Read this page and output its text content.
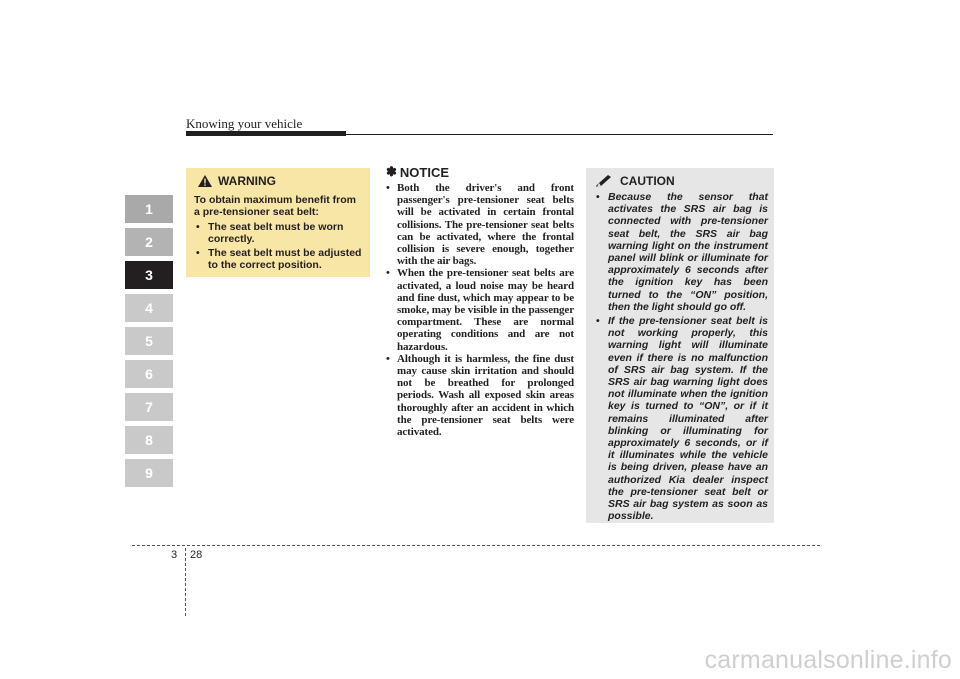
Knowing your vehicle
1
2
3
4
5
6
7
8
9
WARNING
To obtain maximum benefit from a pre-tensioner seat belt:
• The seat belt must be worn correctly.
• The seat belt must be adjusted to the correct position.
✽ NOTICE
• Both the driver's and front passenger's pre-tensioner seat belts will be activated in certain frontal collisions. The pre-tensioner seat belts can be activated, where the frontal collision is severe enough, together with the air bags.
• When the pre-tensioner seat belts are activated, a loud noise may be heard and fine dust, which may appear to be smoke, may be visible in the passenger compartment. These are normal operating conditions and are not hazardous.
• Although it is harmless, the fine dust may cause skin irritation and should not be breathed for prolonged periods. Wash all exposed skin areas thoroughly after an accident in which the pre-tensioner seat belts were activated.
CAUTION
• Because the sensor that activates the SRS air bag is connected with pre-tensioner seat belt, the SRS air bag warning light on the instrument panel will blink or illuminate for approximately 6 seconds after the ignition key has been turned to the “ON” position, then the light should go off.
• If the pre-tensioner seat belt is not working properly, this warning light will illuminate even if there is no malfunction of SRS air bag system. If the SRS air bag warning light does not illuminate when the ignition key is turned to “ON”, or if it remains illuminated after blinking or illuminating for approximately 6 seconds, or if it illuminates while the vehicle is being driven, please have an authorized Kia dealer inspect the pre-tensioner seat belt or SRS air bag system as soon as possible.
3 28
carmanualsonline.info
